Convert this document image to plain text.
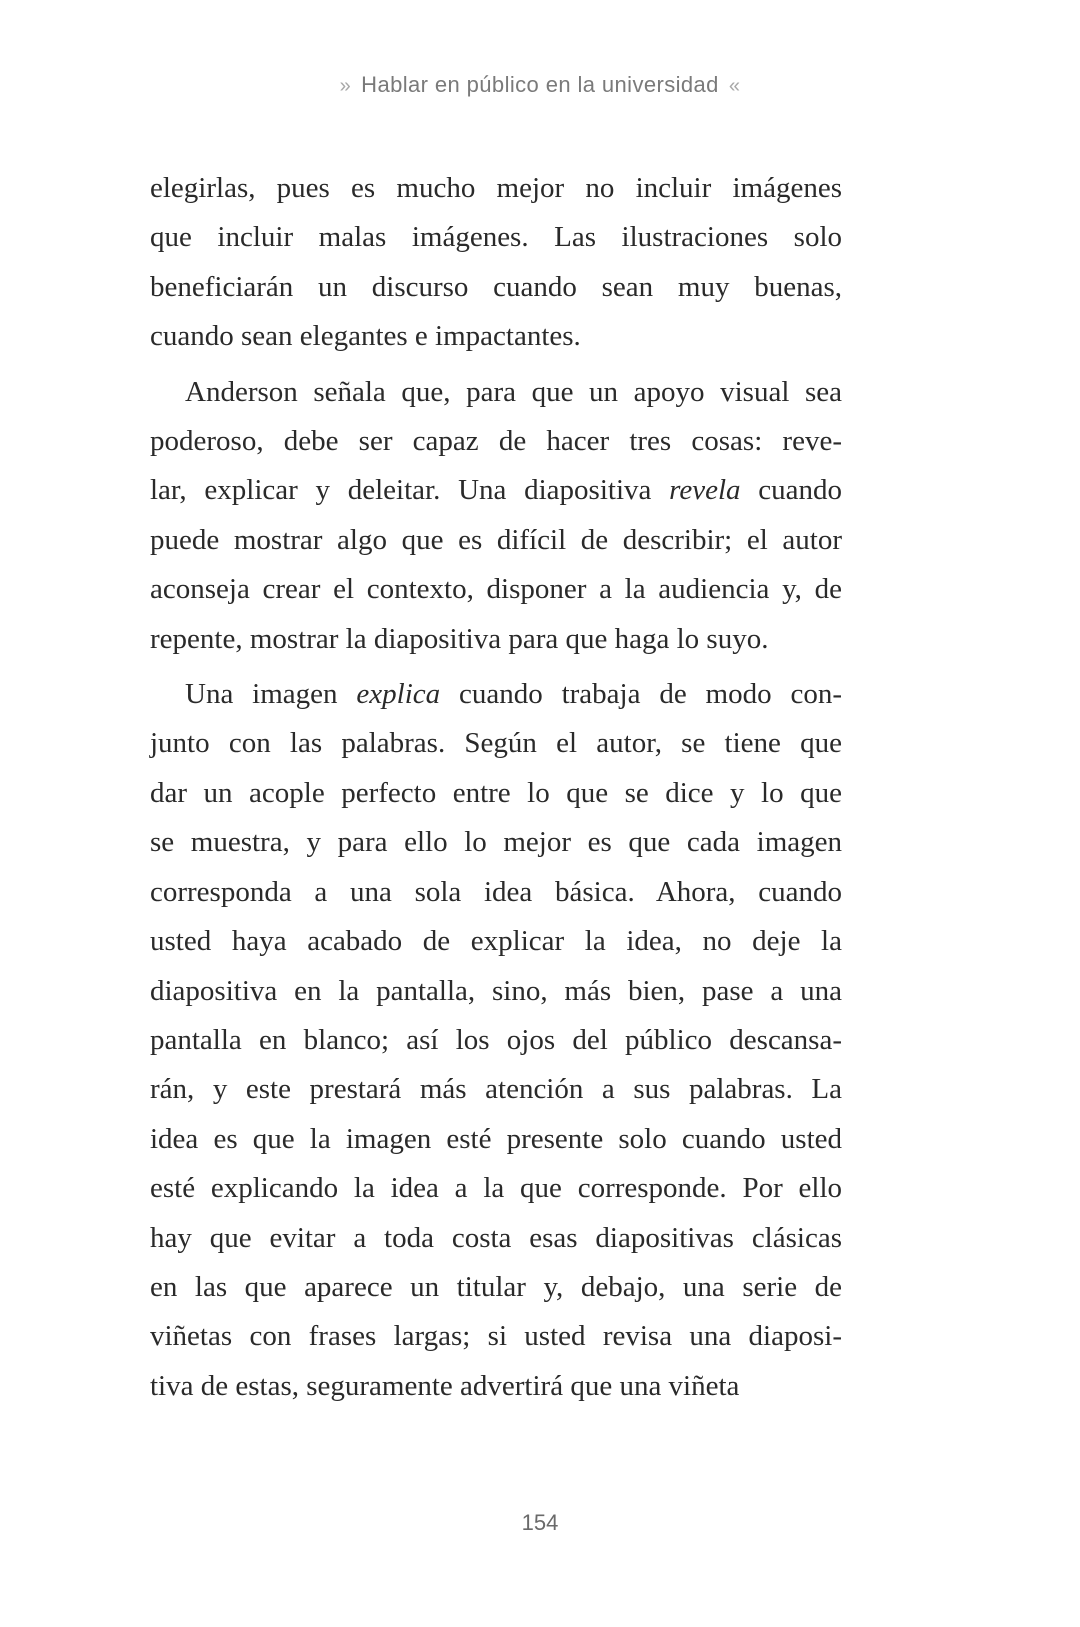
» Hablar en público en la universidad «

elegirlas, pues es mucho mejor no incluir imágenes
que incluir malas imágenes. Las ilustraciones solo
beneficiarán un discurso cuando sean muy buenas,
cuando sean elegantes e impactantes.

Anderson señala que, para que un apoyo visual sea
poderoso, debe ser capaz de hacer tres cosas: reve-
lar, explicar y deleitar. Una diapositiva revela cuando
puede mostrar algo que es difícil de describir; el autor
aconseja crear el contexto, disponer a la audiencia y, de
repente, mostrar la diapositiva para que haga lo suyo.

Una imagen explica cuando trabaja de modo con-
junto con las palabras. Según el autor, se tiene que
dar un acople perfecto entre lo que se dice y lo que
se muestra, y para ello lo mejor es que cada imagen
corresponda a una sola idea básica. Ahora, cuando
usted haya acabado de explicar la idea, no deje la
diapositiva en la pantalla, sino, más bien, pase a una
pantalla en blanco; así los ojos del público descansa-
rán, y este prestará más atención a sus palabras. La
idea es que la imagen esté presente solo cuando usted
esté explicando la idea a la que corresponde. Por ello
hay que evitar a toda costa esas diapositivas clásicas
en las que aparece un titular y, debajo, una serie de
viñetas con frases largas; si usted revisa una diaposi-
tiva de estas, seguramente advertirá que una viñeta

154
